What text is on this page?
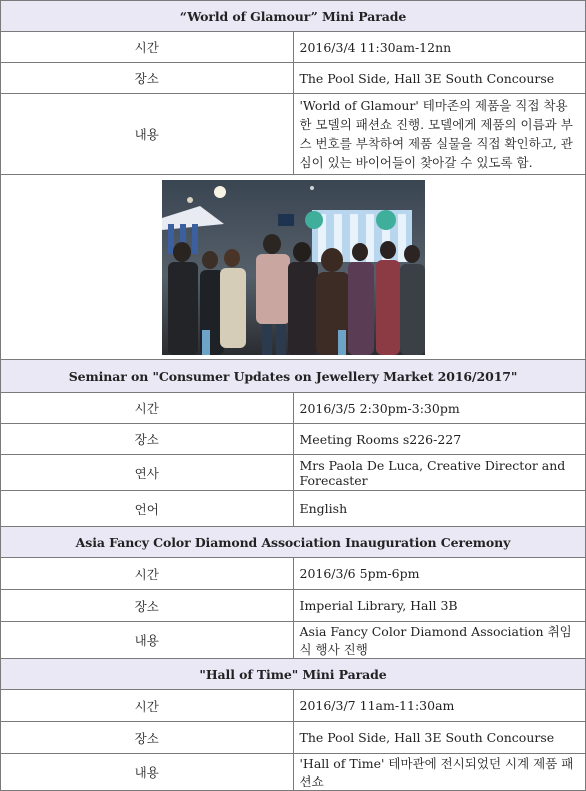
“World of Glamour” Mini Parade	
시간	2016/3/4 11:30am-12nn
장소	The Pool Side, Hall 3E South Concourse
내용	'World of Glamour' 테마존의 제품을 직접 착용한 모델의 패션쇼 진행. 모델에게 제품의 이름과 부스 번호를 부착하여 제품 실물을 직접 확인하고, 관심이 있는 바이어들이 찾아갈 수 있도록 함.

Seminar on "Consumer Updates on Jewellery Market 2016/2017"	
시간	2016/3/5 2:30pm-3:30pm
장소	Meeting Rooms s226-227
연사	Mrs Paola De Luca, Creative Director and Forecaster
언어	English
Asia Fancy Color Diamond Association Inauguration Ceremony	
시간	2016/3/6 5pm-6pm
장소	Imperial Library, Hall 3B
내용	Asia Fancy Color Diamond Association 취임식 행사 진행
"Hall of Time" Mini Parade	
시간	2016/3/7 11am-11:30am
장소	The Pool Side, Hall 3E South Concourse
내용	'Hall of Time' 테마관에 전시되었던 시계 제품 패션쇼
